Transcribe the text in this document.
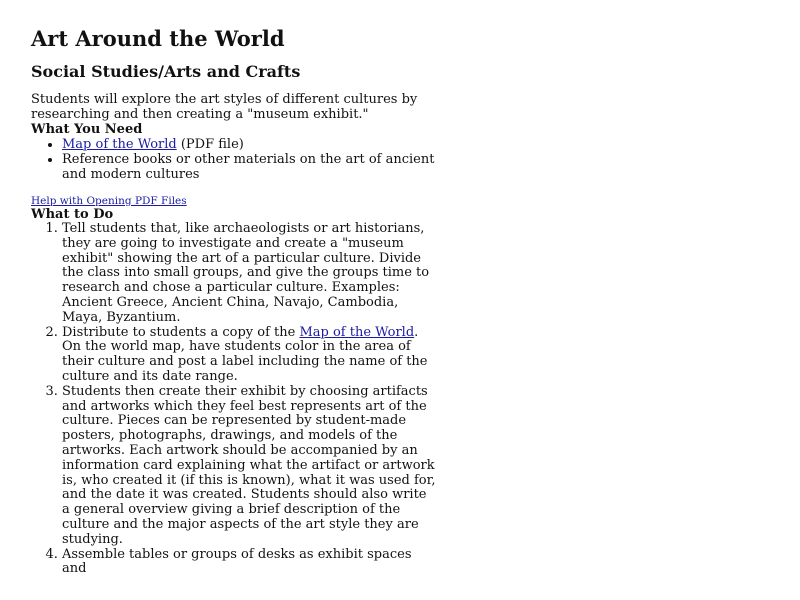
Art Around the World
Social Studies/Arts and Crafts

Students will explore the art styles of different cultures by researching and then creating a "museum exhibit."

What You Need
• Map of the World (PDF file)
• Reference books or other materials on the art of ancient and modern cultures
Help with Opening PDF Files
What to Do
1. Tell students that, like archaeologists or art historians, they are going to investigate and create a "museum exhibit" showing the art of a particular culture. Divide the class into small groups, and give the groups time to research and chose a particular culture. Examples: Ancient Greece, Ancient China, Navajo, Cambodia, Maya, Byzantium.
2. Distribute to students a copy of the Map of the World. On the world map, have students color in the area of their culture and post a label including the name of the culture and its date range.
3. Students then create their exhibit by choosing artifacts and artworks which they feel best represents art of the culture. Pieces can be represented by student-made posters, photographs, drawings, and models of the artworks. Each artwork should be accompanied by an information card explaining what the artifact or artwork is, who created it (if this is known), what it was used for, and the date it was created. Students should also write a general overview giving a brief description of the culture and the major aspects of the art style they are studying.
4. Assemble tables or groups of desks as exhibit spaces and
